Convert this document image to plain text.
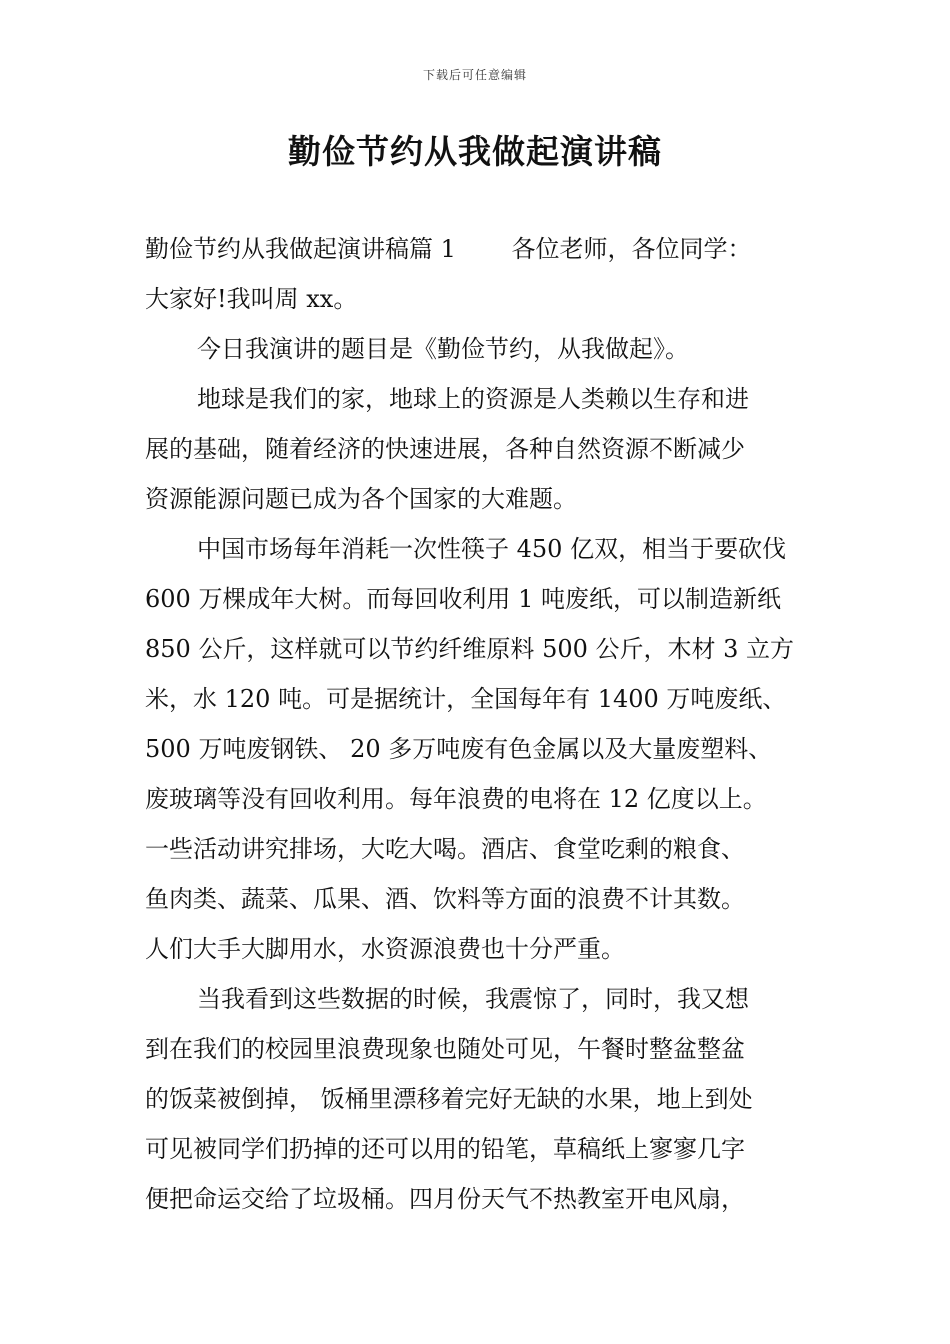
下载后可任意编辑
勤俭节约从我做起演讲稿
勤俭节约从我做起演讲稿篇 1　　 各位老师，各位同学：
大家好!我叫周 xx。
今日我演讲的题目是《勤俭节约，从我做起》。
地球是我们的家，地球上的资源是人类赖以生存和进
展的基础，随着经济的快速进展，各种自然资源不断减少
资源能源问题已成为各个国家的大难题。
中国市场每年消耗一次性筷子 450 亿双，相当于要砍伐
600 万棵成年大树。而每回收利用 1 吨废纸，可以制造新纸
850 公斤，这样就可以节约纤维原料 500 公斤，木材 3 立方
米，水 120 吨。可是据统计，全国每年有 1400 万吨废纸、
500 万吨废钢铁、 20 多万吨废有色金属以及大量废塑料、
废玻璃等没有回收利用。每年浪费的电将在 12 亿度以上。
一些活动讲究排场，大吃大喝。酒店、食堂吃剩的粮食、
鱼肉类、蔬菜、瓜果、酒、饮料等方面的浪费不计其数。
人们大手大脚用水，水资源浪费也十分严重。
当我看到这些数据的时候，我震惊了，同时，我又想
到在我们的校园里浪费现象也随处可见，午餐时整盆整盆
的饭菜被倒掉， 饭桶里漂移着完好无缺的水果，地上到处
可见被同学们扔掉的还可以用的铅笔，草稿纸上寥寥几字
便把命运交给了垃圾桶。四月份天气不热教室开电风扇，
